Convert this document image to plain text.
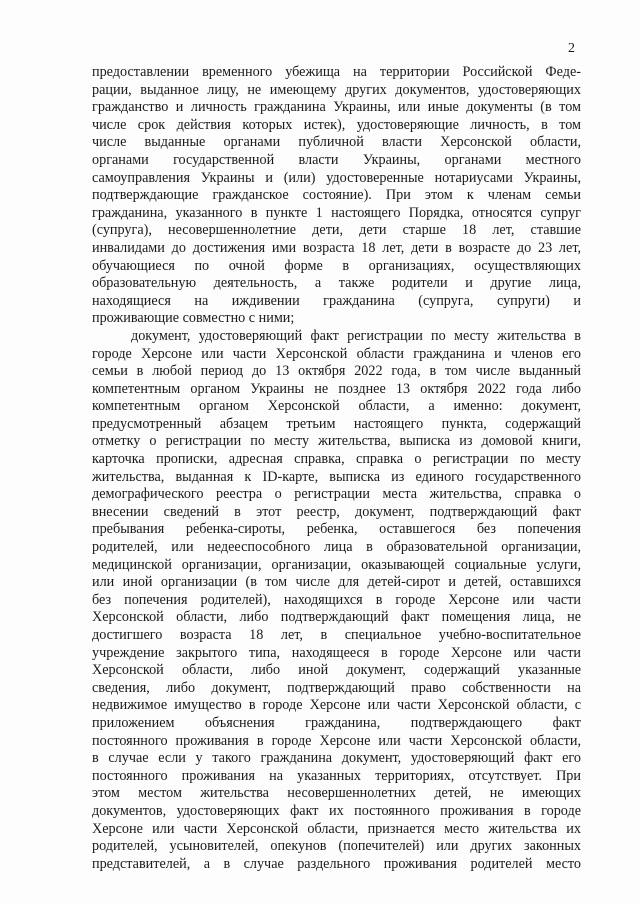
2
предоставлении временного убежища на территории Российской Феде-
рации, выданное лицу, не имеющему других документов, удостоверяющих
гражданство и личность гражданина Украины, или иные документы (в том
числе срок действия которых истек), удостоверяющие личность, в том
числе выданные органами публичной власти Херсонской области,
органами государственной власти Украины, органами местного
самоуправления Украины и (или) удостоверенные нотариусами Украины,
подтверждающие гражданское состояние). При этом к членам семьи
гражданина, указанного в пункте 1 настоящего Порядка, относятся супруг
(супруга), несовершеннолетние дети, дети старше 18 лет, ставшие
инвалидами до достижения ими возраста 18 лет, дети в возрасте до 23 лет,
обучающиеся по очной форме в организациях, осуществляющих
образовательную деятельность, а также родители и другие лица,
находящиеся на иждивении гражданина (супруга, супруги) и
проживающие совместно с ними;
документ, удостоверяющий факт регистрации по месту жительства в
городе Херсоне или части Херсонской области гражданина и членов его
семьи в любой период до 13 октября 2022 года, в том числе выданный
компетентным органом Украины не позднее 13 октября 2022 года либо
компетентным органом Херсонской области, а именно: документ,
предусмотренный абзацем третьим настоящего пункта, содержащий
отметку о регистрации по месту жительства, выписка из домовой книги,
карточка прописки, адресная справка, справка о регистрации по месту
жительства, выданная к ID-карте, выписка из единого государственного
демографического реестра о регистрации места жительства, справка о
внесении сведений в этот реестр, документ, подтверждающий факт
пребывания ребенка-сироты, ребенка, оставшегося без попечения
родителей, или недееспособного лица в образовательной организации,
медицинской организации, организации, оказывающей социальные услуги,
или иной организации (в том числе для детей-сирот и детей, оставшихся
без попечения родителей), находящихся в городе Херсоне или части
Херсонской области, либо подтверждающий факт помещения лица, не
достигшего возраста 18 лет, в специальное учебно-воспитательное
учреждение закрытого типа, находящееся в городе Херсоне или части
Херсонской области, либо иной документ, содержащий указанные
сведения, либо документ, подтверждающий право собственности на
недвижимое имущество в городе Херсоне или части Херсонской области, с
приложением объяснения гражданина, подтверждающего факт
постоянного проживания в городе Херсоне или части Херсонской области,
в случае если у такого гражданина документ, удостоверяющий факт его
постоянного проживания на указанных территориях, отсутствует. При
этом местом жительства несовершеннолетних детей, не имеющих
документов, удостоверяющих факт их постоянного проживания в городе
Херсоне или части Херсонской области, признается место жительства их
родителей, усыновителей, опекунов (попечителей) или других законных
представителей, а в случае раздельного проживания родителей место
